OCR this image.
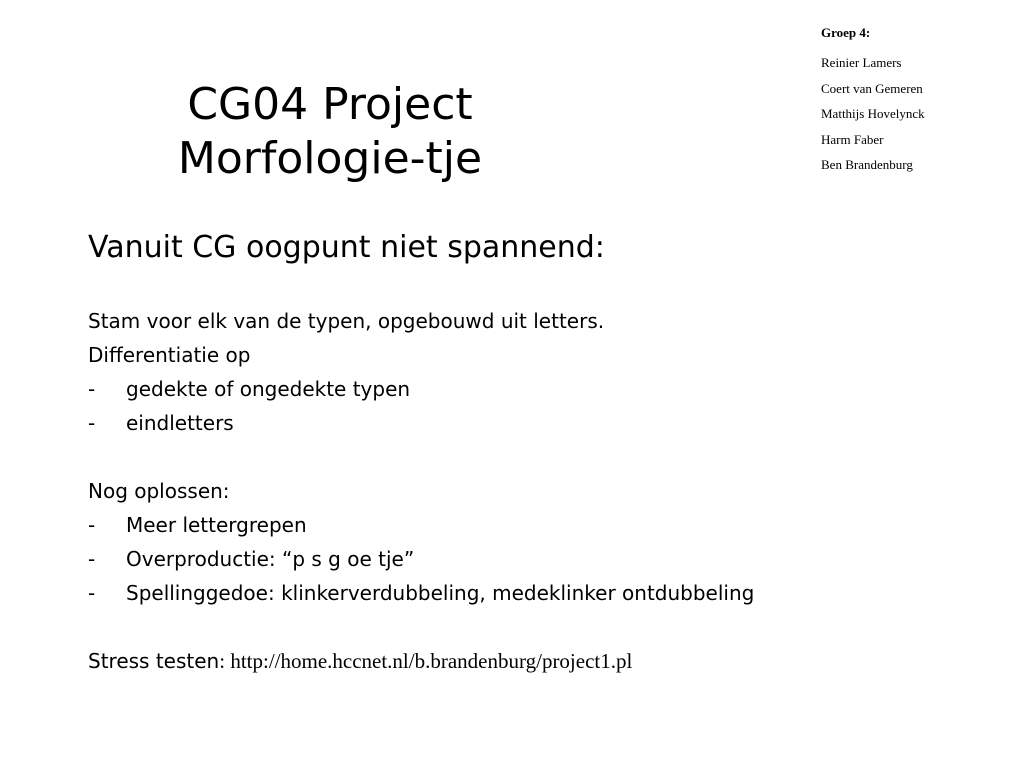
CG04 Project
Morfologie-tje
Groep 4:
Reinier Lamers
Coert van Gemeren
Matthijs Hovelynck
Harm Faber
Ben Brandenburg
Vanuit CG oogpunt niet spannend:
Stam voor elk van de typen, opgebouwd uit letters.
Differentiatie op
-	gedekte of ongedekte typen
-	eindletters
Nog oplossen:
-	Meer lettergrepen
-	Overproductie: “p s g oe tje”
-	Spellinggedoe: klinkerverdubbeling, medeklinker ontdubbeling
Stress testen: http://home.hccnet.nl/b.brandenburg/project1.pl
